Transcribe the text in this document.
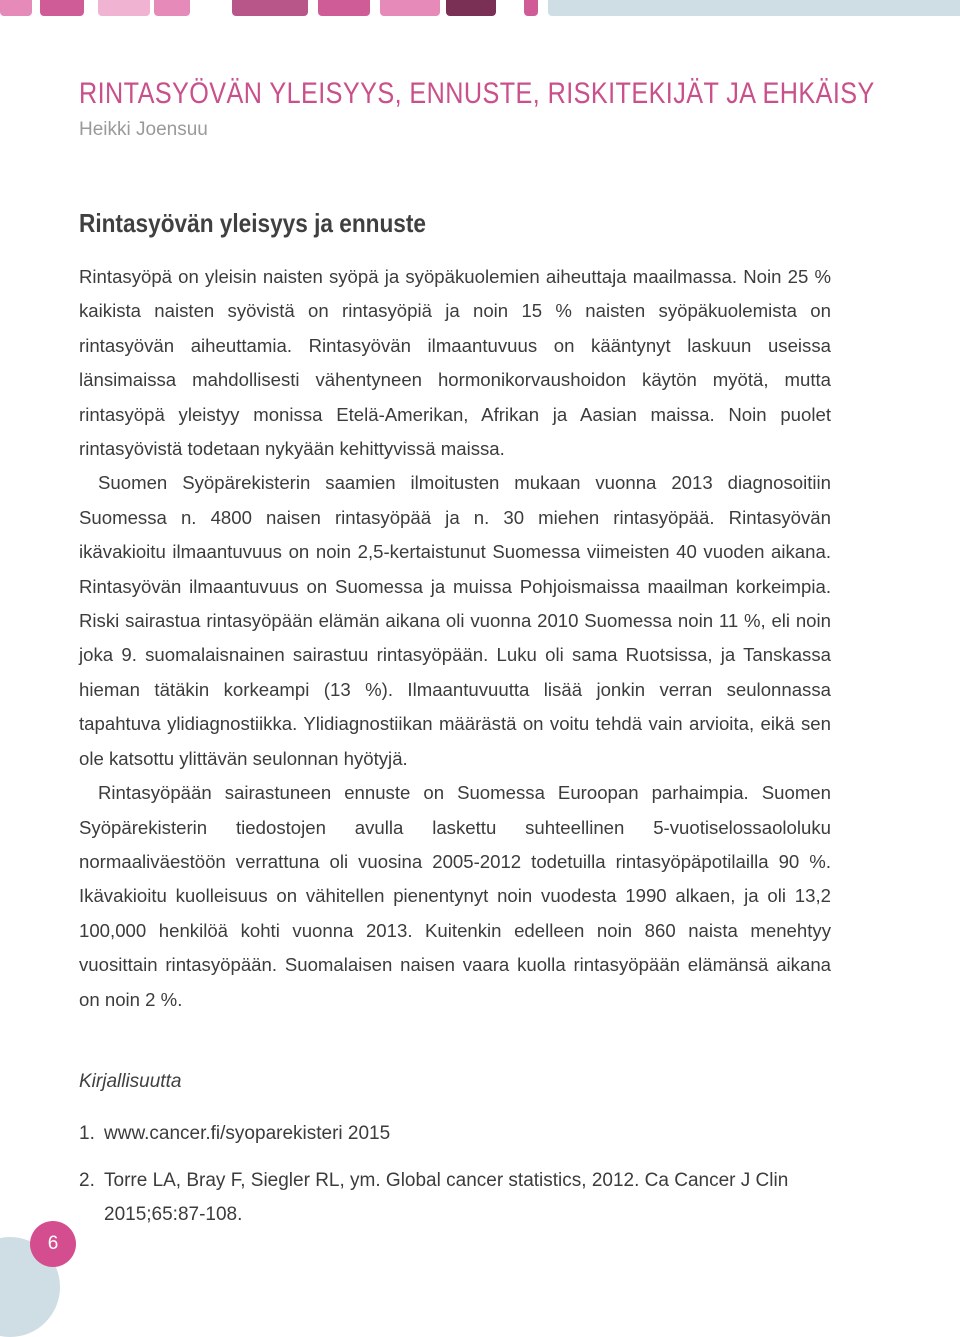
RINTASYÖVÄN YLEISYYS, ENNUSTE, RISKITEKIJÄT JA EHKÄISY
Heikki Joensuu
Rintasyövän yleisyys ja ennuste

Rintasyöpä on yleisin naisten syöpä ja syöpäkuolemien aiheuttaja maailmassa. Noin 25 % kaikista naisten syövistä on rintasyöpiä ja noin 15 % naisten syöpäkuolemista on rintasyövän aiheuttamia. Rintasyövän ilmaantuvuus on kääntynyt laskuun useissa länsimaissa mahdollisesti vähentyneen hormonikorvaushoidon käytön myötä, mutta rintasyöpä yleistyy monissa Etelä-Amerikan, Afrikan ja Aasian maissa. Noin puolet rintasyövistä todetaan nykyään kehittyvissä maissa.

Suomen Syöpärekisterin saamien ilmoitusten mukaan vuonna 2013 diagnosoitiin Suomessa n. 4800 naisen rintasyöpää ja n. 30 miehen rintasyöpää. Rintasyövän ikävakioitu ilmaantuvuus on noin 2,5-kertaistunut Suomessa viimeisten 40 vuoden aikana. Rintasyövän ilmaantuvuus on Suomessa ja muissa Pohjoismaissa maailman korkeimpia. Riski sairastua rintasyöpään elämän aikana oli vuonna 2010 Suomessa noin 11 %, eli noin joka 9. suomalaisnainen sairastuu rintasyöpään. Luku oli sama Ruotsissa, ja Tanskassa hieman tätäkin korkeampi (13 %). Ilmaantuvuutta lisää jonkin verran seulonnassa tapahtuva ylidiagnostiikka. Ylidiagnostiikan määrästä on voitu tehdä vain arvioita, eikä sen ole katsottu ylittävän seulonnan hyötyjä.

Rintasyöpään sairastuneen ennuste on Suomessa Euroopan parhaimpia. Suomen Syöpärekisterin tiedostojen avulla laskettu suhteellinen 5-vuotiselossaololuku normaaliväestöön verrattuna oli vuosina 2005-2012 todetuilla rintasyöpäpotilailla 90 %. Ikävakioitu kuolleisuus on vähitellen pienentynyt noin vuodesta 1990 alkaen, ja oli 13,2 100,000 henkilöä kohti vuonna 2013. Kuitenkin edelleen noin 860 naista menehtyy vuosittain rintasyöpään. Suomalaisen naisen vaara kuolla rintasyöpään elämänsä aikana on noin 2 %.

Kirjallisuutta
1. www.cancer.fi/syoparekisteri 2015
2. Torre LA, Bray F, Siegler RL, ym. Global cancer statistics, 2012. Ca Cancer J Clin 2015;65:87-108.
6
